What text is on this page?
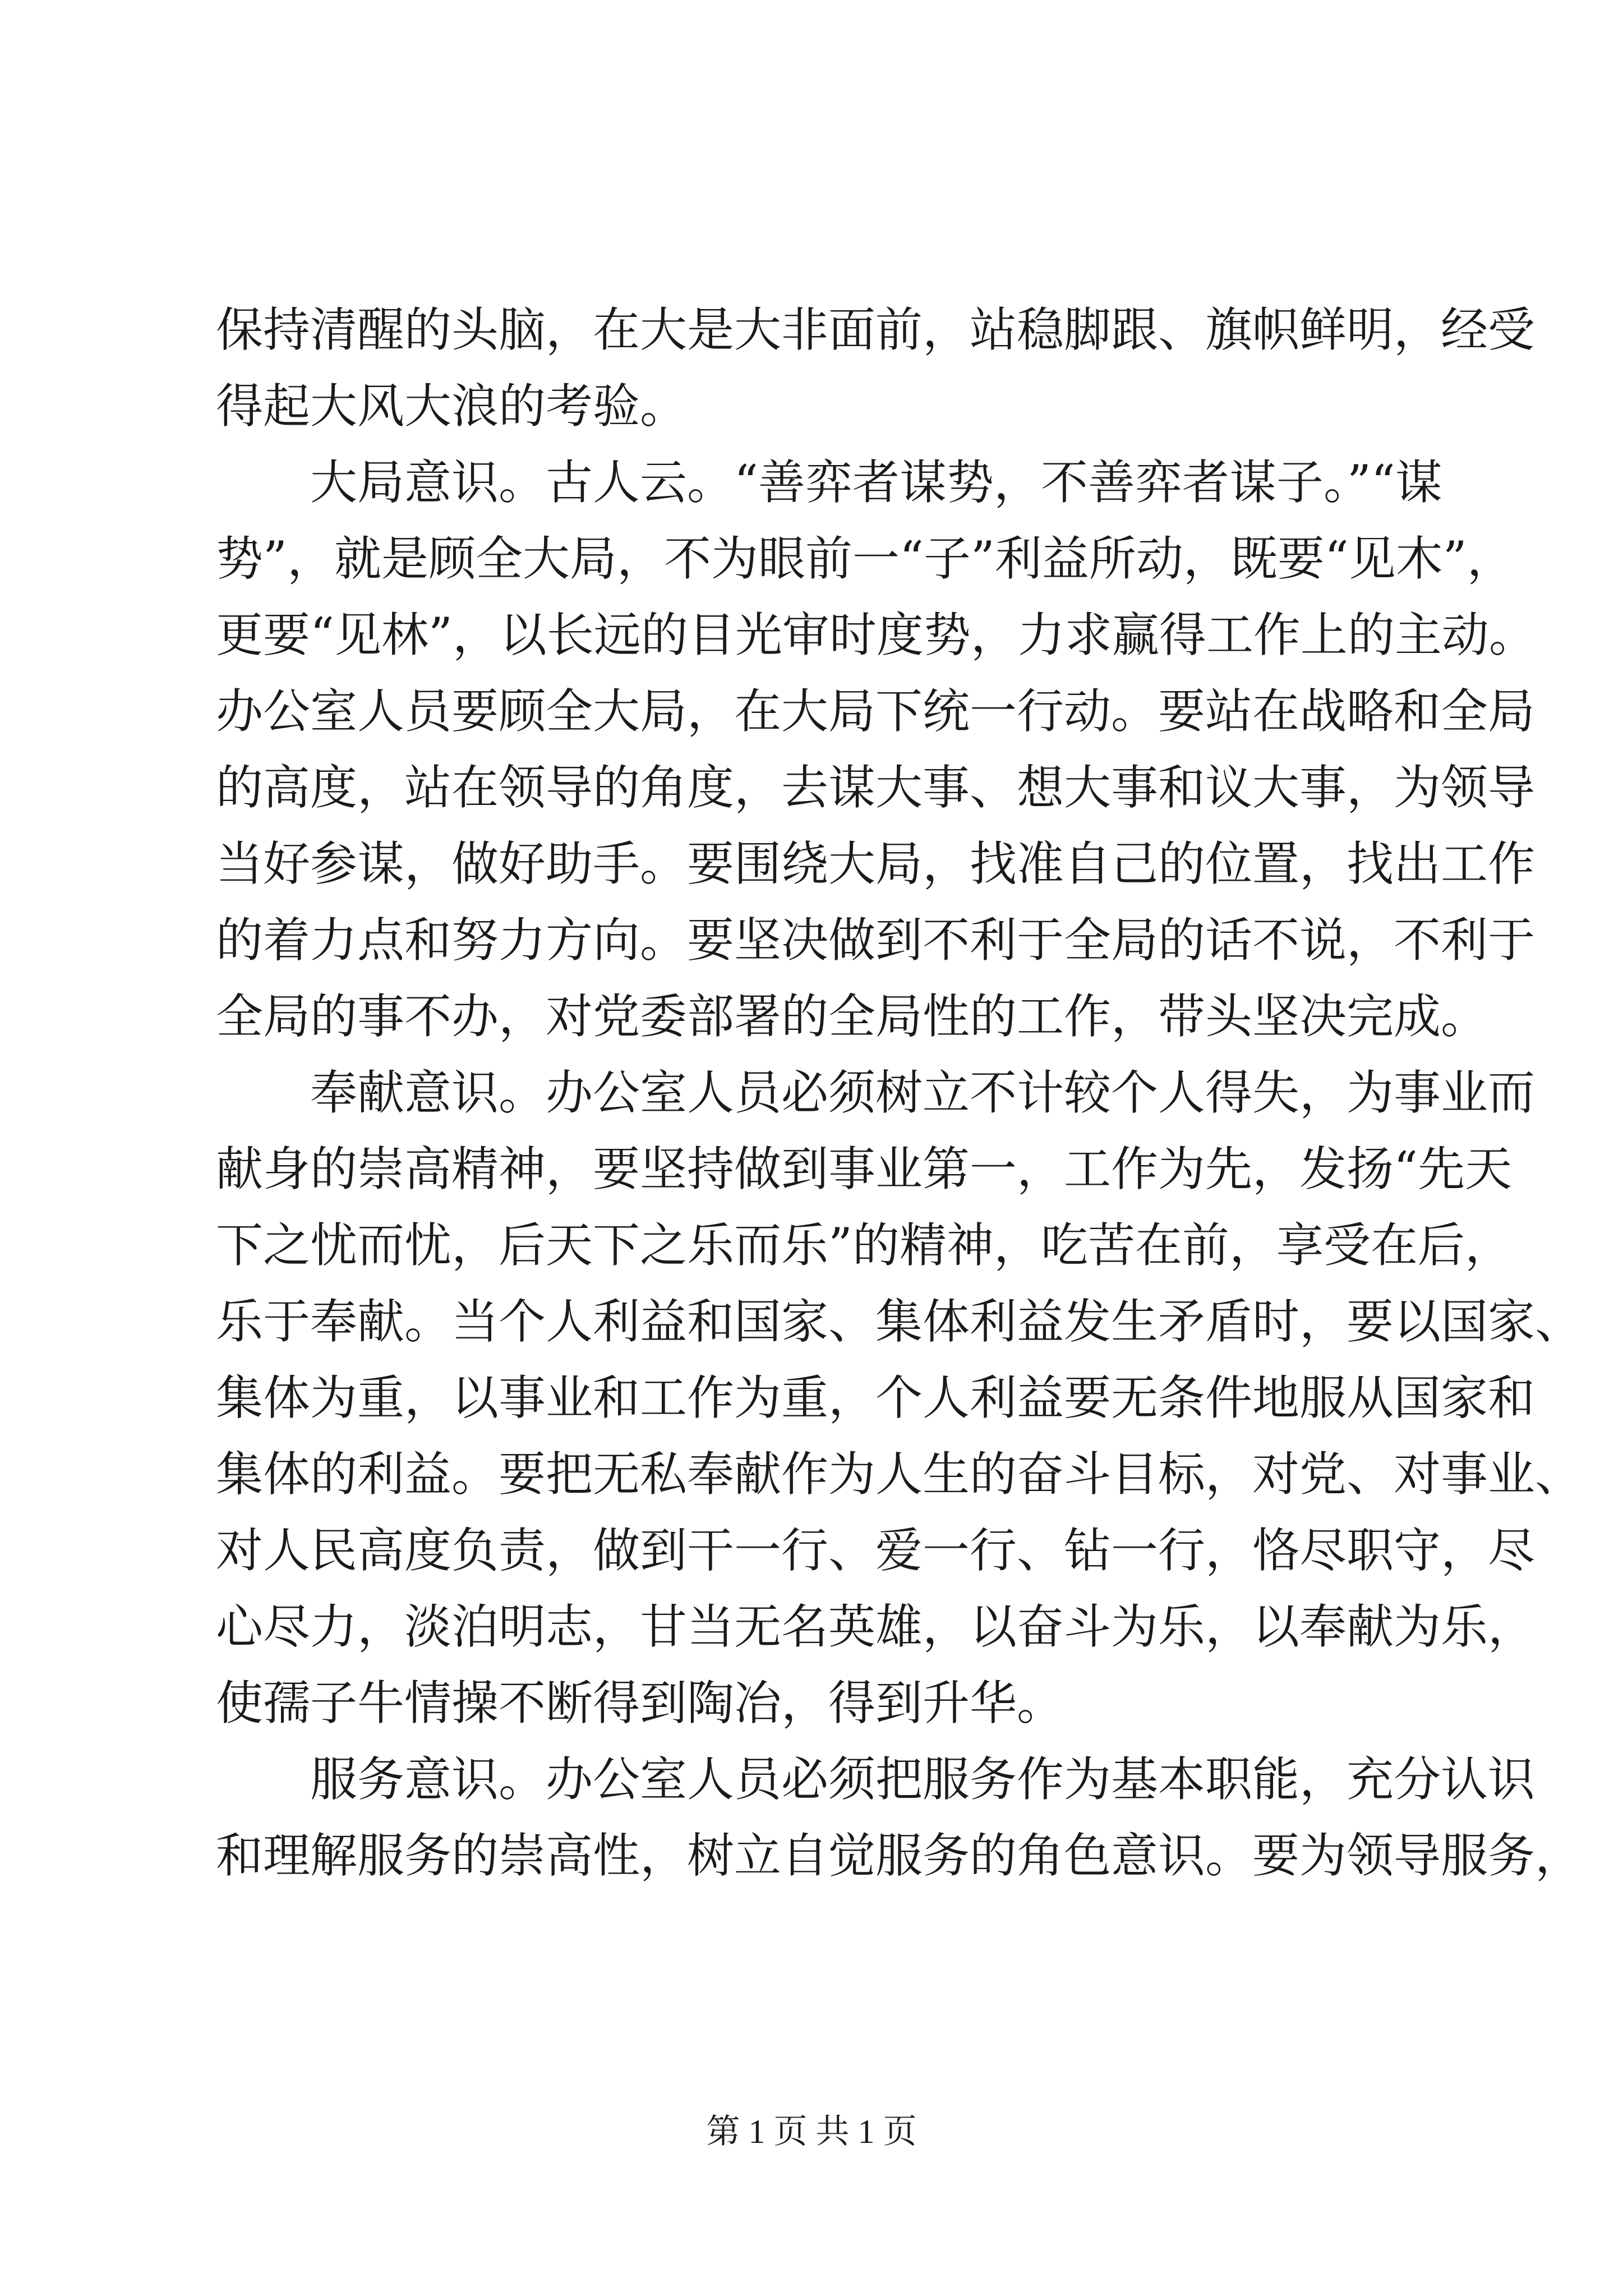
保持清醒的头脑，在大是大非面前，站稳脚跟、旗帜鲜明，经受
得起大风大浪的考验。
大局意识。古人云。“善弈者谋势，不善弈者谋子。”“谋
势”，就是顾全大局，不为眼前一“子”利益所动，既要“见木”，
更要“见林”，以长远的目光审时度势，力求赢得工作上的主动。
办公室人员要顾全大局，在大局下统一行动。要站在战略和全局
的高度，站在领导的角度，去谋大事、想大事和议大事，为领导
当好参谋，做好助手。要围绕大局，找准自己的位置，找出工作
的着力点和努力方向。要坚决做到不利于全局的话不说，不利于
全局的事不办，对党委部署的全局性的工作，带头坚决完成。
奉献意识。办公室人员必须树立不计较个人得失，为事业而
献身的崇高精神，要坚持做到事业第一，工作为先，发扬“先天
下之忧而忧，后天下之乐而乐”的精神，吃苦在前，享受在后，
乐于奉献。当个人利益和国家、集体利益发生矛盾时，要以国家、
集体为重，以事业和工作为重，个人利益要无条件地服从国家和
集体的利益。要把无私奉献作为人生的奋斗目标，对党、对事业、
对人民高度负责，做到干一行、爱一行、钻一行，恪尽职守，尽
心尽力，淡泊明志，甘当无名英雄，以奋斗为乐，以奉献为乐，
使孺子牛情操不断得到陶冶，得到升华。
服务意识。办公室人员必须把服务作为基本职能，充分认识
和理解服务的崇高性，树立自觉服务的角色意识。要为领导服务，
第 1 页 共 1 页
